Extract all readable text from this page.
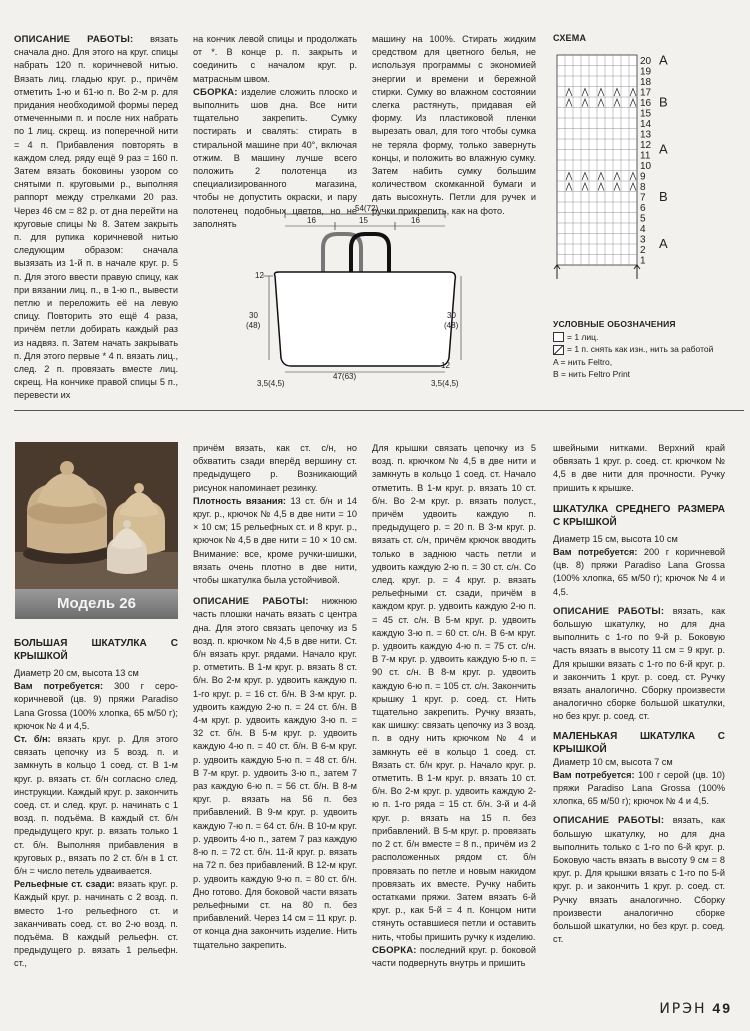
ОПИСАНИЕ РАБОТЫ: вязать сначала дно. Для этого на круг. спицы набрать 120 п. коричневой нитью. Вязать лиц. гладью круг. р., причём отметить 1-ю и 61-ю п. Во 2-м р. для придания необходимой формы перед отмеченными п. и после них набрать по 1 лиц. скрещ. из поперечной нити = 4 п. Прибавления повторять в каждом след. ряду ещё 9 раз = 160 п. Затем вязать боковины узором со снятыми п. круговыми р., выполняя раппорт между стрелками 20 раз. Через 46 см = 82 р. от дна перейти на круговые спицы № 8. Затем закрыть п. для рупика коричневой нитью следующим образом: сначала вызязать из 1-й п. в начале круг. р. 5 п. Для этого ввести правую спицу, как при вязании лиц. п., в 1-ю п., вывести петлю и переложить её на левую спицу. Повторить это ещё 4 раза, причём петли добирать каждый раз из надвяз. п. Затем начать закрывать п. Для этого первые * 4 п. вязать лиц., след. 2 п. провязать вместе лиц. скрещ. На кончике правой спицы 5 п., перевести их

на кончик левой спицы и продолжать от *. В конце р. п. закрыть и соединить с началом круг. р. матрасным швом.

СБОРКА: изделие сложить плоско и выполнить шов дна. Все нити тщательно закрепить. Сумку постирать и свалять: стирать в стиральной машине при 40°, включая отжим. В машину лучше всего положить 2 полотенца из специализированного магазина, чтобы не допустить окраски, и пару полотенец подобных цветов, но не заполнять

машину на 100%. Стирать жидким средством для цветного белья, не используя программы с экономией энергии и времени и бережной стирки. Сумку во влажном состоянии слегка растянуть, придавая ей форму. Из пластиковой пленки вырезать овал, для того чтобы сумка не теряла форму, только завернуть концы, и положить во влажную сумку. Затем набить сумку большим количеством скомканной бумаги и дать высохнуть. Петли для ручек и ручки прикрепить, как на фото.

54(72)
16	15	16
12
30
(48)
30
(48)
12
47(63)
3,5(4,5)	3,5(4,5)
СХЕМА
20
19
18
17
16
15
14
13
12
11
10
9
8
7
6
5
4
3
2
1
A
B
A
B
A
УСЛОВНЫЕ ОБОЗНАЧЕНИЯ
= 1 лиц.
= 1 п. снять как изн., нить за работой
A = нить Feltro,
B = нить Feltro Print
Модель 26

БОЛЬШАЯ ШКАТУЛКА С КРЫШКОЙ

Диаметр 20 см, высота 13 см

Вам потребуется: 300 г серо-коричневой (цв. 9) пряжи Paradiso Lana Grossa (100% хлопка, 65 м/50 г); крючок № 4 и 4,5.

Ст. б/н: вязать круг. р. Для этого связать цепочку из 5 возд. п. и замкнуть в кольцо 1 соед. ст. В 1-м круг. р. вязать ст. б/н согласно след. инструкции. Каждый круг. р. закончить соед. ст. и след. круг. р. начинать с 1 возд. п. подъёма. В каждый ст. б/н предыдущего круг. р. вязать только 1 ст. б/н. Выполняя прибавления в круговых р., вязать по 2 ст. б/н в 1 ст. б/н = число петель удваивается.

Рельефные ст. сзади: вязать круг. р. Каждый круг. р. начинать с 2 возд. п. вместо 1-го рельефного ст. и заканчивать соед. ст. во 2-ю возд. п. подъёма. В каждый рельефн. ст. предыдущего р. вязать 1 рельефн. ст.,

причём вязать, как ст. с/н, но обхватить сзади вперёд вершину ст. предыдущего р. Возникающий рисунок напоминает резинку.

Плотность вязания: 13 ст. б/н и 14 круг. р., крючок № 4,5 в две нити = 10 × 10 см; 15 рельефных ст. и 8 круг. р., крючок № 4,5 в две нити = 10 × 10 см. Внимание: все, кроме ручки-шишки, вязать очень плотно в две нити, чтобы шкатулка была устойчивой.

ОПИСАНИЕ РАБОТЫ: нижнюю часть плошки начать вязать с центра дна. Для этого связать цепочку из 5 возд. п. крючком № 4,5 в две нити. Ст. б/н вязать круг. рядами. Начало круг. р. отметить. В 1-м круг. р. вязать 8 ст. б/н. Во 2-м круг. р. удвоить каждую п. 1-го круг. р. = 16 ст. б/н. В 3-м круг. р. удвоить каждую 2-ю п. = 24 ст. б/н. В 4-м круг. р. удвоить каждую 3-ю п. = 32 ст. б/н. В 5-м круг. р. удвоить каждую 4-ю п. = 40 ст. б/н. В 6-м круг. р. удвоить каждую 5-ю п. = 48 ст. б/н. В 7-м круг. р. удвоить 3-ю п., затем 7 раз каждую 6-ю п. = 56 ст. б/н. В 8-м круг. р. вязать на 56 п. без прибавлений. В 9-м круг. р. удвоить каждую 7-ю п. = 64 ст. б/н. В 10-м круг. р. удвоить 4-ю п., затем 7 раз каждую 8-ю п. = 72 ст. б/н. 11-й круг. р. вязать на 72 п. без прибавлений. В 12-м круг. р. удвоить каждую 9-ю п. = 80 ст. б/н. Дно готово. Для боковой части вязать рельефными ст. на 80 п. без прибавлений. Через 14 см = 11 круг. р. от конца дна закончить изделие. Нить тщательно закрепить.

Для крышки связать цепочку из 5 возд. п. крючком № 4,5 в две нити и замкнуть в кольцо 1 соед. ст. Начало отметить. В 1-м круг. р. вязать 10 ст. б/н. Во 2-м круг. р. вязать полуст., причём удвоить каждую п. предыдущего р. = 20 п. В 3-м круг. р. вязать ст. с/н, причём крючок вводить только в заднюю часть петли и удвоить каждую 2-ю п. = 30 ст. с/н. Со след. круг. р. = 4 круг. р. вязать рельефными ст. сзади, причём в каждом круг. р. удвоить каждую 2-ю п. = 45 ст. с/н. В 5-м круг. р. удвоить каждую 3-ю п. = 60 ст. с/н. В 6-м круг. р. удвоить каждую 4-ю п. = 75 ст. с/н. В 7-м круг. р. удвоить каждую 5-ю п. = 90 ст. с/н. В 8-м круг. р. удвоить каждую 6-ю п. = 105 ст. с/н. Закончить крышку 1 круг. р. соед. ст. Нить тщательно закрепить. Ручку вязать, как шишку: связать цепочку из 3 возд. п. в одну нить крючком № 4 и замкнуть её в кольцо 1 соед. ст. Вязать ст. б/н круг. р. Начало круг. р. отметить. В 1-м круг. р. вязать 10 ст. б/н. Во 2-м круг. р. удвоить каждую 2-ю п. 1-го ряда = 15 ст. б/н. 3-й и 4-й круг. р. вязать на 15 п. без прибавлений. В 5-м круг. р. провязать по 2 ст. б/н вместе = 8 п., причём из 2 расположенных рядом ст. б/н провязать по петле и новым накидом провязать их вместе. Ручку набить остатками пряжи. Затем вязать 6-й круг. р., как 5-й = 4 п. Концом нити стянуть оставшиеся петли и оставить нить, чтобы пришить ручку к изделию.

СБОРКА: последний круг. р. боковой части подвернуть внутрь и пришить

швейными нитками. Верхний край обвязать 1 круг. р. соед. ст. крючком № 4,5 в две нити для прочности. Ручку пришить к крышке.

ШКАТУЛКА СРЕДНЕГО РАЗМЕРА С КРЫШКОЙ

Диаметр 15 см, высота 10 см

Вам потребуется: 200 г коричневой (цв. 8) пряжи Paradiso Lana Grossa (100% хлопка, 65 м/50 г); крючок № 4 и 4,5.

ОПИСАНИЕ РАБОТЫ: вязать, как большую шкатулку, но для дна выполнить с 1-го по 9-й р. Боковую часть вязать в высоту 11 см = 9 круг. р. Для крышки вязать с 1-го по 6-й круг. р. и закончить 1 круг. р. соед. ст. Ручку вязать аналогично. Сборку произвести аналогично сборке большой шкатулки, но без круг. р. соед. ст.

МАЛЕНЬКАЯ ШКАТУЛКА С КРЫШКОЙ

Диаметр 10 см, высота 7 см

Вам потребуется: 100 г серой (цв. 10) пряжи Paradiso Lana Grossa (100% хлопка, 65 м/50 г); крючок № 4 и 4,5.

ОПИСАНИЕ РАБОТЫ: вязать, как большую шкатулку, но для дна выполнить только с 1-го по 6-й круг. р. Боковую часть вязать в высоту 9 см = 8 круг. р. Для крышки вязать с 1-го по 5-й круг. р. и закончить 1 круг. р. соед. ст. Ручку вязать аналогично. Сборку произвести аналогично сборке большой шкатулки, но без круг. р. соед. ст.

ИРЭН 49
